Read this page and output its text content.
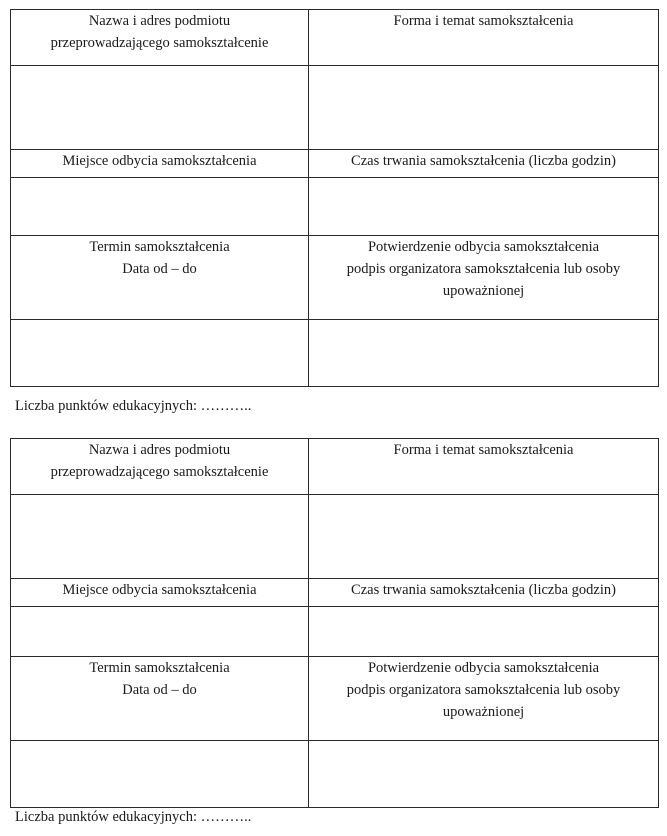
Nazwa i adres podmiotu
przeprowadzającego samokształcenie	Forma i temat samokształcenia

Miejsce odbycia samokształcenia	Czas trwania samokształcenia (liczba godzin)

Termin samokształcenia
Data od – do	Potwierdzenie odbycia samokształcenia
podpis organizatora samokształcenia lub osoby
upoważnionej

Liczba punktów edukacyjnych: ………..
Nazwa i adres podmiotu
przeprowadzającego samokształcenie	Forma i temat samokształcenia

Miejsce odbycia samokształcenia	Czas trwania samokształcenia (liczba godzin)

Termin samokształcenia
Data od – do	Potwierdzenie odbycia samokształcenia
podpis organizatora samokształcenia lub osoby
upoważnionej

Liczba punktów edukacyjnych: ………..
